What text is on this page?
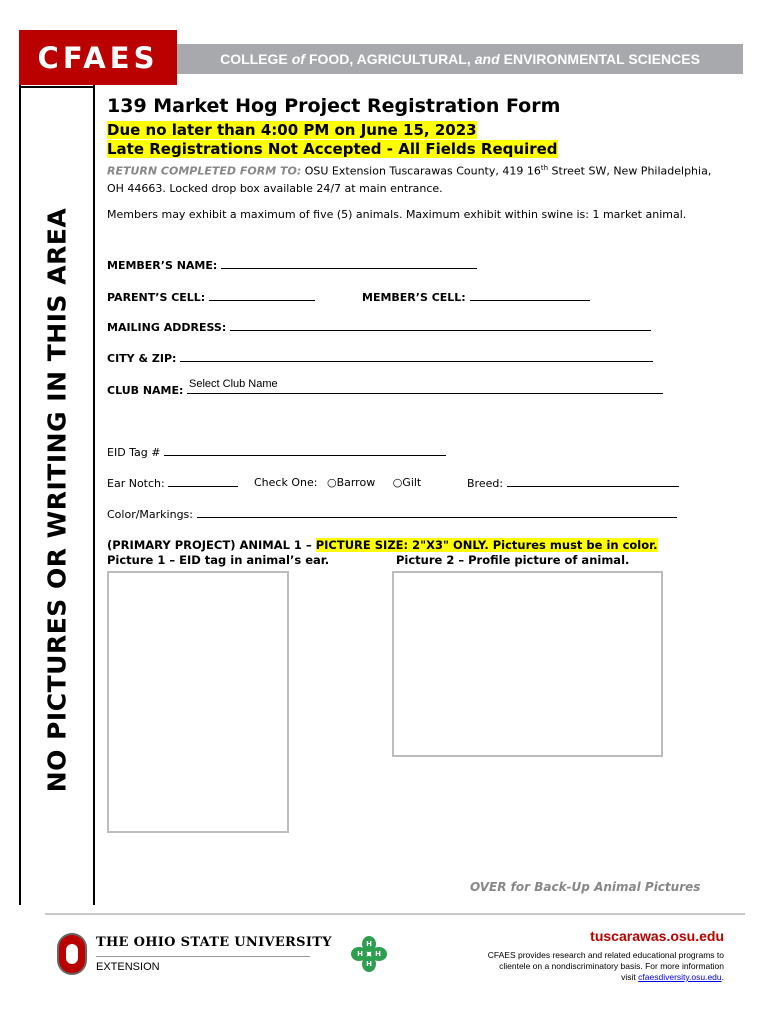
CFAES	COLLEGE of FOOD, AGRICULTURAL, and ENVIRONMENTAL SCIENCES
NO PICTURES OR WRITING IN THIS AREA
139 Market Hog Project Registration Form
Due no later than 4:00 PM on June 15, 2023
Late Registrations Not Accepted - All Fields Required
RETURN COMPLETED FORM TO: OSU Extension Tuscarawas County, 419 16th Street SW, New Philadelphia,
OH 44663. Locked drop box available 24/7 at main entrance.
Members may exhibit a maximum of five (5) animals. Maximum exhibit within swine is: 1 market animal.
MEMBER’S NAME:
PARENT’S CELL:	MEMBER’S CELL:
MAILING ADDRESS:
CITY & ZIP:
CLUB NAME: Select Club Name
EID Tag #
Ear Notch:	Check One: ○Barrow ○Gilt	Breed:
Color/Markings:
(PRIMARY PROJECT) ANIMAL 1 – PICTURE SIZE: 2"X3" ONLY. Pictures must be in color.
Picture 1 – EID tag in animal’s ear.	Picture 2 – Profile picture of animal.
OVER for Back-Up Animal Pictures
THE OHIO STATE UNIVERSITY
EXTENSION
H
H
H H
tuscarawas.osu.edu
CFAES provides research and related educational programs to clientele on a nondiscriminatory basis. For more information visit cfaesdiversity.osu.edu.
